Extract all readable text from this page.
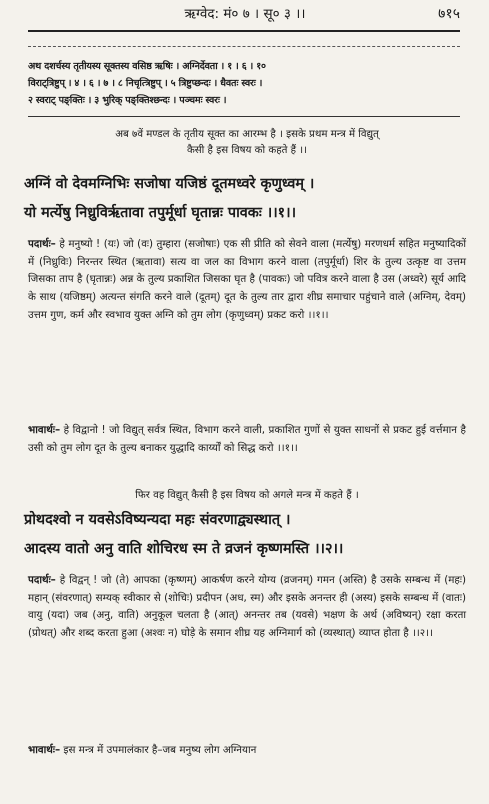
ऋग्वेद: मं० ७ । सू० ३ ।।	७१५

अथ दशर्चस्य तृतीयस्य सूक्तस्य वसिष्ठ ऋषिः । अग्निर्देवता । १ । ६ । १०

विराट्त्रिष्टुप् । ४ । ६ । ७ । ८ निचृत्त्रिष्टुप् । ५ त्रिष्टुप्छन्दः । धैवतः स्वरः ।

२ स्वराट् पङ्क्तिः । ३ भुरिक् पङ्क्तिश्छन्दः । पञ्चमः स्वरः ।

अब ७वें मण्डल के तृतीय सूक्त का आरम्भ है । इसके प्रथम मन्त्र में विद्युत्

कैसी है इस विषय को कहते हैं ।।

अग्निं वो देवमग्निभिः सजोषा यजिष्ठं दूतमध्वरे कृणुध्वम् ।

यो मर्त्येषु निध्रुविर्ऋतावा तपुर्मूर्धा घृतान्नः पावकः ।।१।।

पदार्थः– हे मनुष्यो ! (यः) जो (वः) तुम्हारा (सजोषाः) एक सी प्रीति को सेवने वाला (मर्त्येषु) मरणधर्म सहित मनुष्यादिकों में (निध्रुविः) निरन्तर स्थित (ऋतावा) सत्य वा जल का विभाग करने वाला (तपुर्मूर्धा) शिर के तुल्य उत्कृष्ट वा उत्तम जिसका ताप है (घृतान्नः) अन्न के तुल्य प्रकाशित जिसका घृत है (पावकः) जो पवित्र करने वाला है उस (अध्वरे) सूर्य आदि के साथ (यजिष्ठम्) अत्यन्त संगति करने वाले (दूतम्) दूत के तुल्य तार द्वारा शीघ्र समाचार पहुंचाने वाले (अग्निम्, देवम्) उत्तम गुण, कर्म और स्वभाव युक्त अग्नि को तुम लोग (कृणुध्वम्) प्रकट करो ।।१।।

भावार्थः– हे विद्वानो ! जो विद्युत् सर्वत्र स्थित, विभाग करने वाली, प्रकाशित गुणों से युक्त साधनों से प्रकट हुई वर्त्तमान है उसी को तुम लोग दूत के तुल्य बनाकर युद्धादि कार्य्यों को सिद्ध करो ।।१।।

फिर वह विद्युत् कैसी है इस विषय को अगले मन्त्र में कहते हैं ।

प्रोथदश्वो न यवसेऽविष्यन्यदा महः संवरणाद्व्यस्थात् ।

आदस्य वातो अनु वाति शोचिरध स्म ते व्रजनं कृष्णमस्ति ।।२।।

पदार्थः– हे विद्वन् ! जो (ते) आपका (कृष्णम्) आकर्षण करने योग्य (व्रजनम्) गमन (अस्ति) है उसके सम्बन्ध में (महः) महान् (संवरणात्) सम्यक् स्वीकार से (शोचिः) प्रदीपन (अध, स्म) और इसके अनन्तर ही (अस्य) इसके सम्बन्ध में (वातः) वायु (यदा) जब (अनु, वाति) अनुकूल चलता है (आत्) अनन्तर तब (यवसे) भक्षण के अर्थ (अविष्यन्) रक्षा करता (प्रोथत्) और शब्द करता हुआ (अश्वः न) घोड़े के समान शीघ्र यह अग्निमार्ग को (व्यस्थात्) व्याप्त होता है ।।२।।

भावार्थः– इस मन्त्र में उपमालंकार है–जब मनुष्य लोग अग्नियान
